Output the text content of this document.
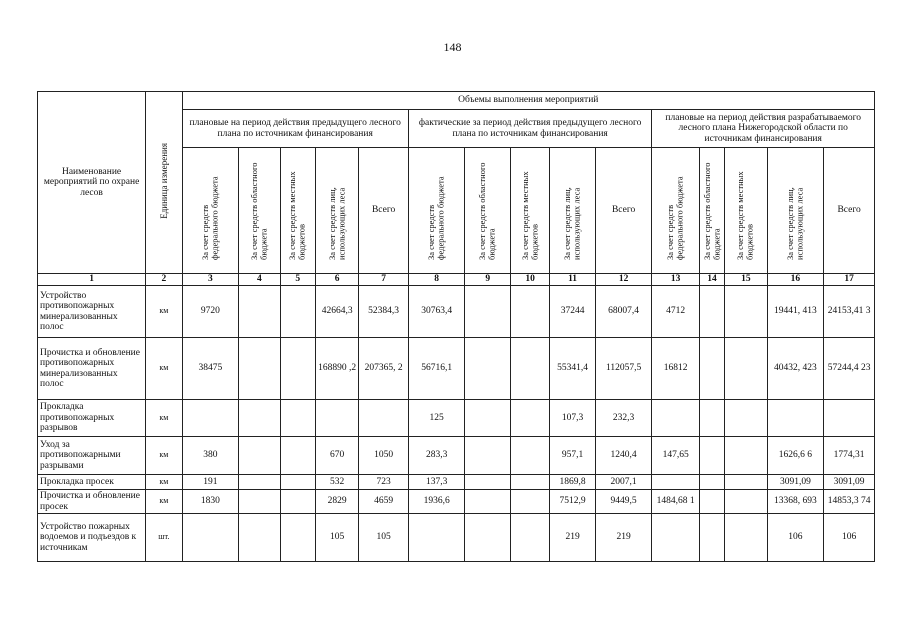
148
Наименование мероприятий по охране лесов	Единица измерения	Объемы выполнения мероприятий														
		плановые на период действия предыдущего лесного плана по источникам финансирования					фактические за период действия предыдущего лесного плана по источникам финансирования					плановые на период действия разрабатываемого лесного плана Нижегородской области по источникам финансирования				
		За счет средств федерального бюджета	За счет средств областного бюджета	За счет средств местных бюджетов	За счет средств лиц, использующих леса	Всего	За счет средств федерального бюджета	За счет средств областного бюджета	За счет средств местных бюджетов	За счет средств лиц, использующих леса	Всего	За счет средств федерального бюджета	За счет средств областного бюджета	За счет средств местных бюджетов	За счет средств лиц, использующих леса	Всего
1	2	3	4	5	6	7	8	9	10	11	12	13	14	15	16	17
Устройство противопожарных минерализованных полос	км	9720			42664,3	52384,3	30763,4			37244	68007,4	4712			19441, 413	24153,41 3
Прочистка и обновление противопожарных минерализованных полос	км	38475			168890 ,2	207365, 2	56716,1			55341,4	112057,5	16812			40432, 423	57244,4 23
Прокладка противопожарных разрывов	км						125			107,3	232,3					
Уход за противопожарными разрывами	км	380			670	1050	283,3			957,1	1240,4	147,65			1626,6 6	1774,31
Прокладка просек	км	191			532	723	137,3			1869,8	2007,1				3091,09	3091,09
Прочистка и обновление просек	км	1830			2829	4659	1936,6			7512,9	9449,5	1484,68 1			13368, 693	14853,3 74
Устройство пожарных водоемов и подъездов к источникам	шт.				105	105				219	219				106	106
